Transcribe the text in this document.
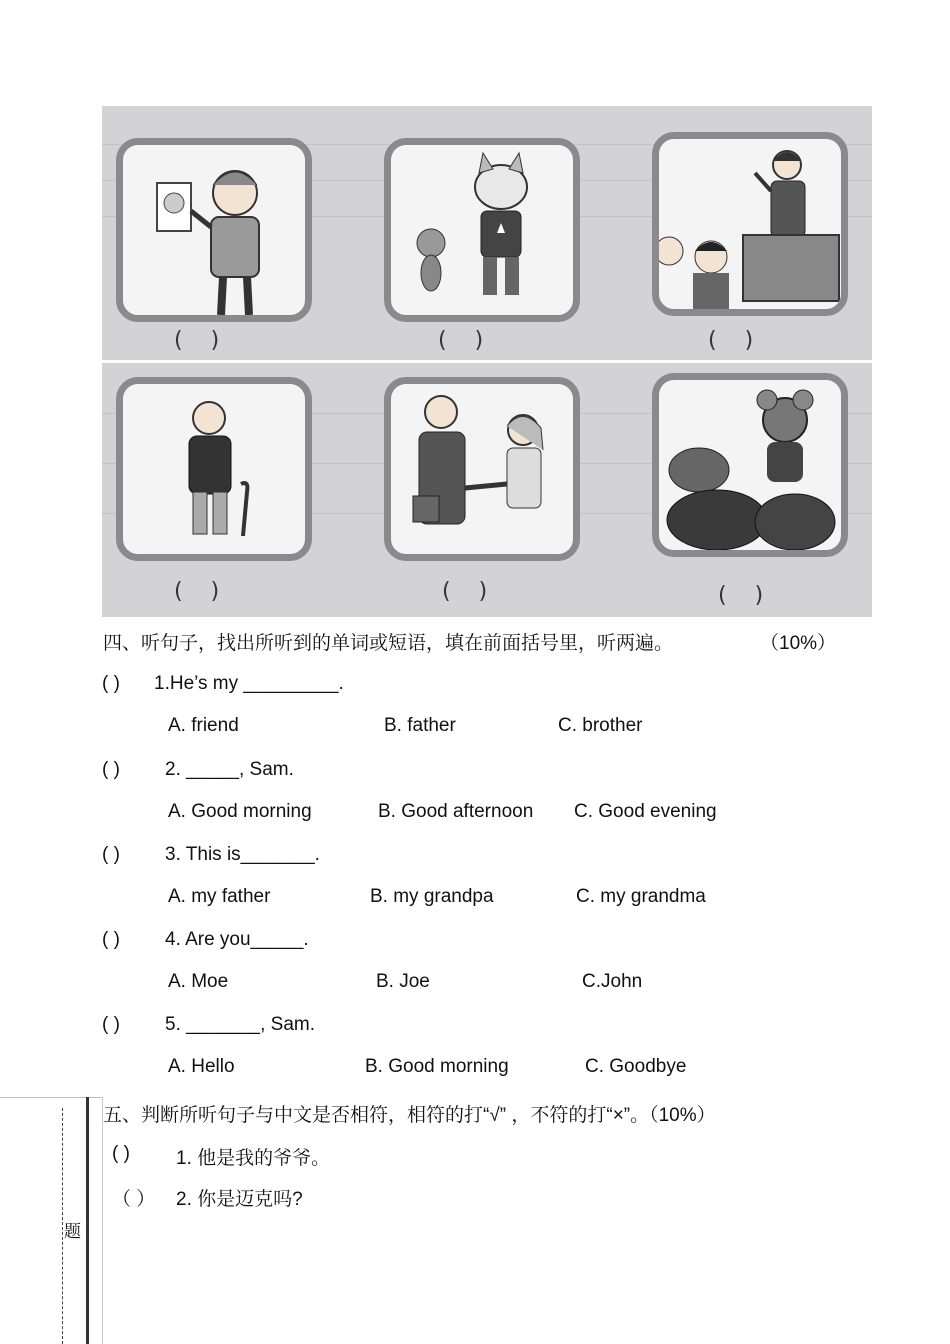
( )
( )
( )
( )
( )
( )
四、听句子，找出所听到的单词或短语，填在前面括号里，听两遍。	（10%）
( ) 1.He’s my _________.
A. friend	B. father	C. brother
( ) 2. _____, Sam.
A. Good morning	B. Good afternoon C. Good evening
( ) 3. This is_______.
A. my father	B. my grandpa	C. my grandma
( ) 4. Are you_____.
A. Moe	B. Joe	C.John
( ) 5. _______, Sam.
A. Hello	B. Good morning	C. Goodbye
五、判断所听句子与中文是否相符，相符的打“√” ，不符的打“×”。（10%）
( ) 1. 他是我的爷爷。
（ ） 2. 你是迈克吗?
题
